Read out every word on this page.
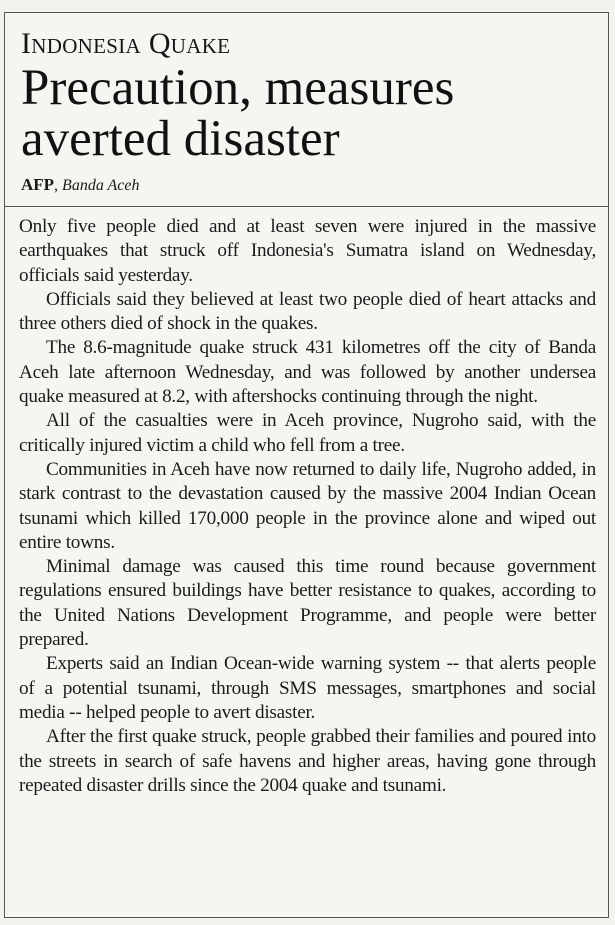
Indonesia Quake
Precaution, measures averted disaster
AFP, Banda Aceh

Only five people died and at least seven were injured in the massive earthquakes that struck off Indonesia's Sumatra island on Wednesday, officials said yesterday.

Officials said they believed at least two people died of heart attacks and three others died of shock in the quakes.

The 8.6-magnitude quake struck 431 kilometres off the city of Banda Aceh late afternoon Wednesday, and was followed by another undersea quake measured at 8.2, with aftershocks continuing through the night.

All of the casualties were in Aceh province, Nugroho said, with the critically injured victim a child who fell from a tree.

Communities in Aceh have now returned to daily life, Nugroho added, in stark contrast to the devastation caused by the massive 2004 Indian Ocean tsunami which killed 170,000 people in the province alone and wiped out entire towns.

Minimal damage was caused this time round because government regulations ensured buildings have better resistance to quakes, according to the United Nations Development Programme, and people were better prepared.

Experts said an Indian Ocean-wide warning system -- that alerts people of a potential tsunami, through SMS messages, smartphones and social media -- helped people to avert disaster.

After the first quake struck, people grabbed their families and poured into the streets in search of safe havens and higher areas, having gone through repeated disaster drills since the 2004 quake and tsunami.
